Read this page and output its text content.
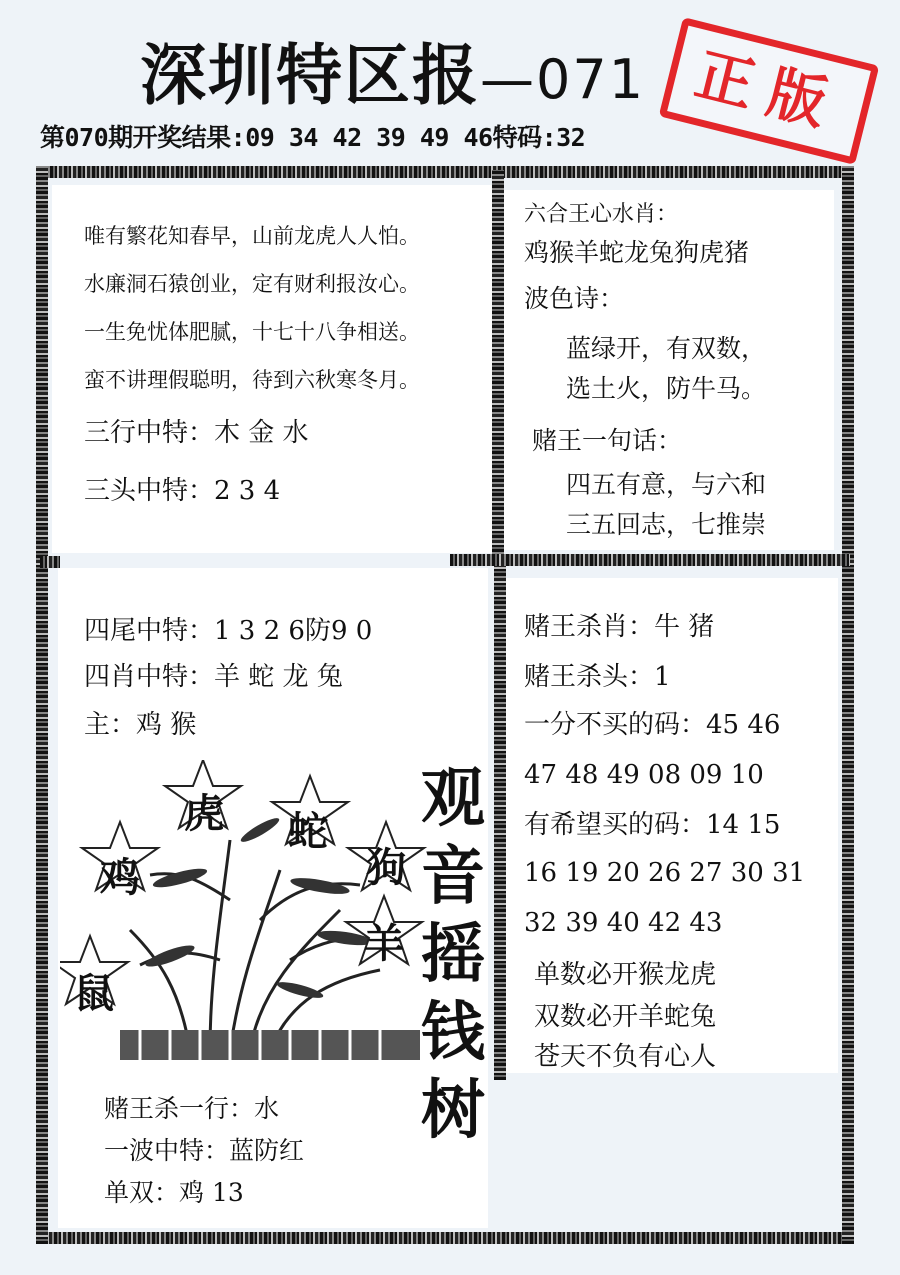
深圳特区报—071
第070期开奖结果:09 34 42 39 49 46特码:32	正版
唯有繁花知春早，山前龙虎人人怕。
水廉洞石猿创业，定有财利报汝心。
一生免忧体肥腻，十七十八争相送。
蛮不讲理假聪明，待到六秋寒冬月。
三行中特：木 金 水
三头中特：2 3 4
六合王心水肖：
鸡猴羊蛇龙兔狗虎猪
波色诗：
蓝绿开，有双数，
选土火，防牛马。
赌王一句话：
四五有意，与六和
三五回志，七推崇
四尾中特：1 3 2 6防9 0
四肖中特：羊 蛇 龙 兔
主：鸡 猴
虎 蛇
鸡	狗
羊
鼠
观
音
摇
钱
树
赌王杀一行：水
一波中特：蓝防红
单双：鸡 13
赌王杀肖：牛 猪
赌王杀头：1
一分不买的码：45 46
47 48 49 08 09 10
有希望买的码：14 15
16 19 20 26 27 30 31
32 39 40 42 43
单数必开猴龙虎
双数必开羊蛇兔
苍天不负有心人
